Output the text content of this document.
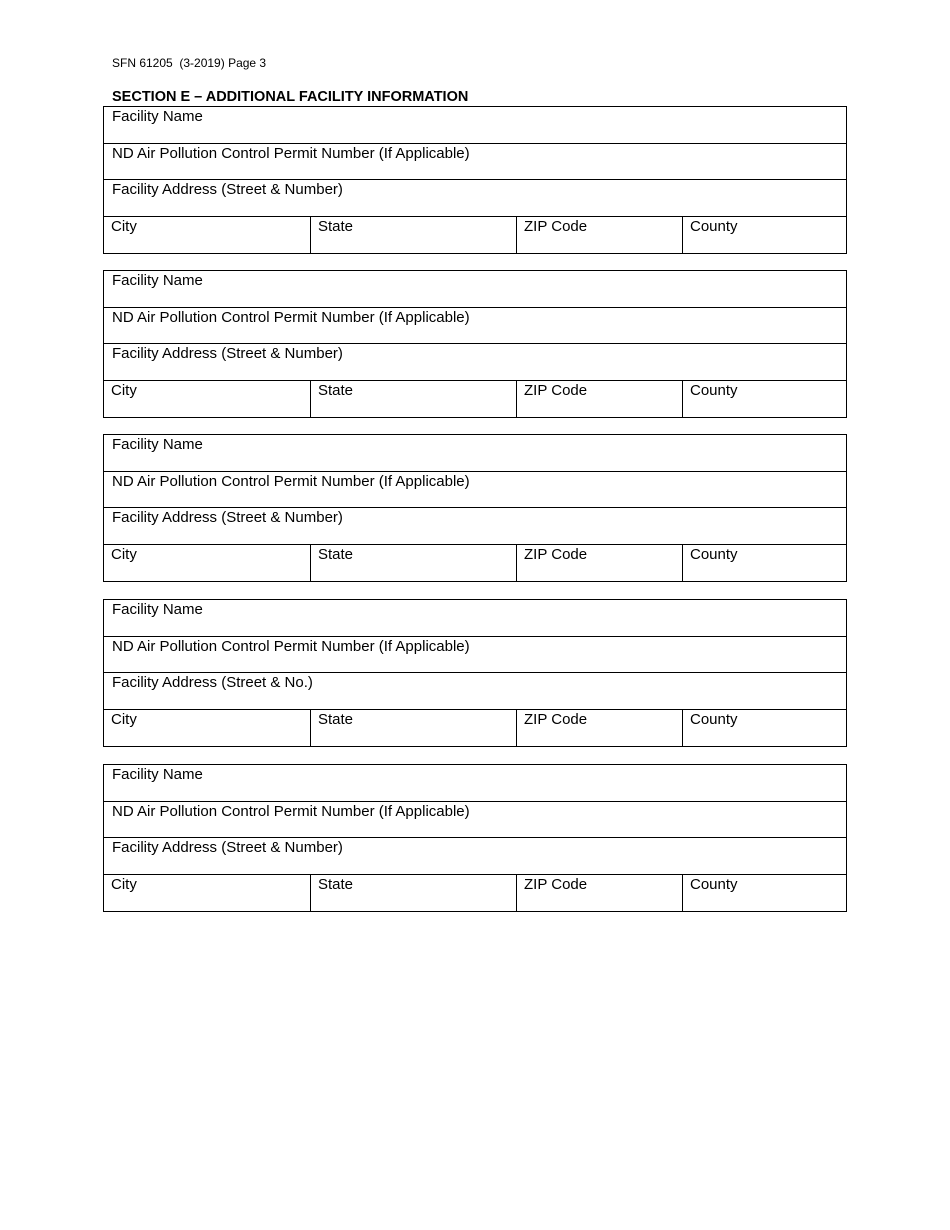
SFN 61205  (3-2019) Page 3
SECTION E – ADDITIONAL FACILITY INFORMATION
Facility Name
ND Air Pollution Control Permit Number (If Applicable)
Facility Address (Street & Number)
City	State	ZIP Code	County
Facility Name
ND Air Pollution Control Permit Number (If Applicable)
Facility Address (Street & Number)
City	State	ZIP Code	County
Facility Name
ND Air Pollution Control Permit Number (If Applicable)
Facility Address (Street & Number)
City	State	ZIP Code	County
Facility Name
ND Air Pollution Control Permit Number (If Applicable)
Facility Address (Street & No.)
City	State	ZIP Code	County
Facility Name
ND Air Pollution Control Permit Number (If Applicable)
Facility Address (Street & Number)
City	State	ZIP Code	County
